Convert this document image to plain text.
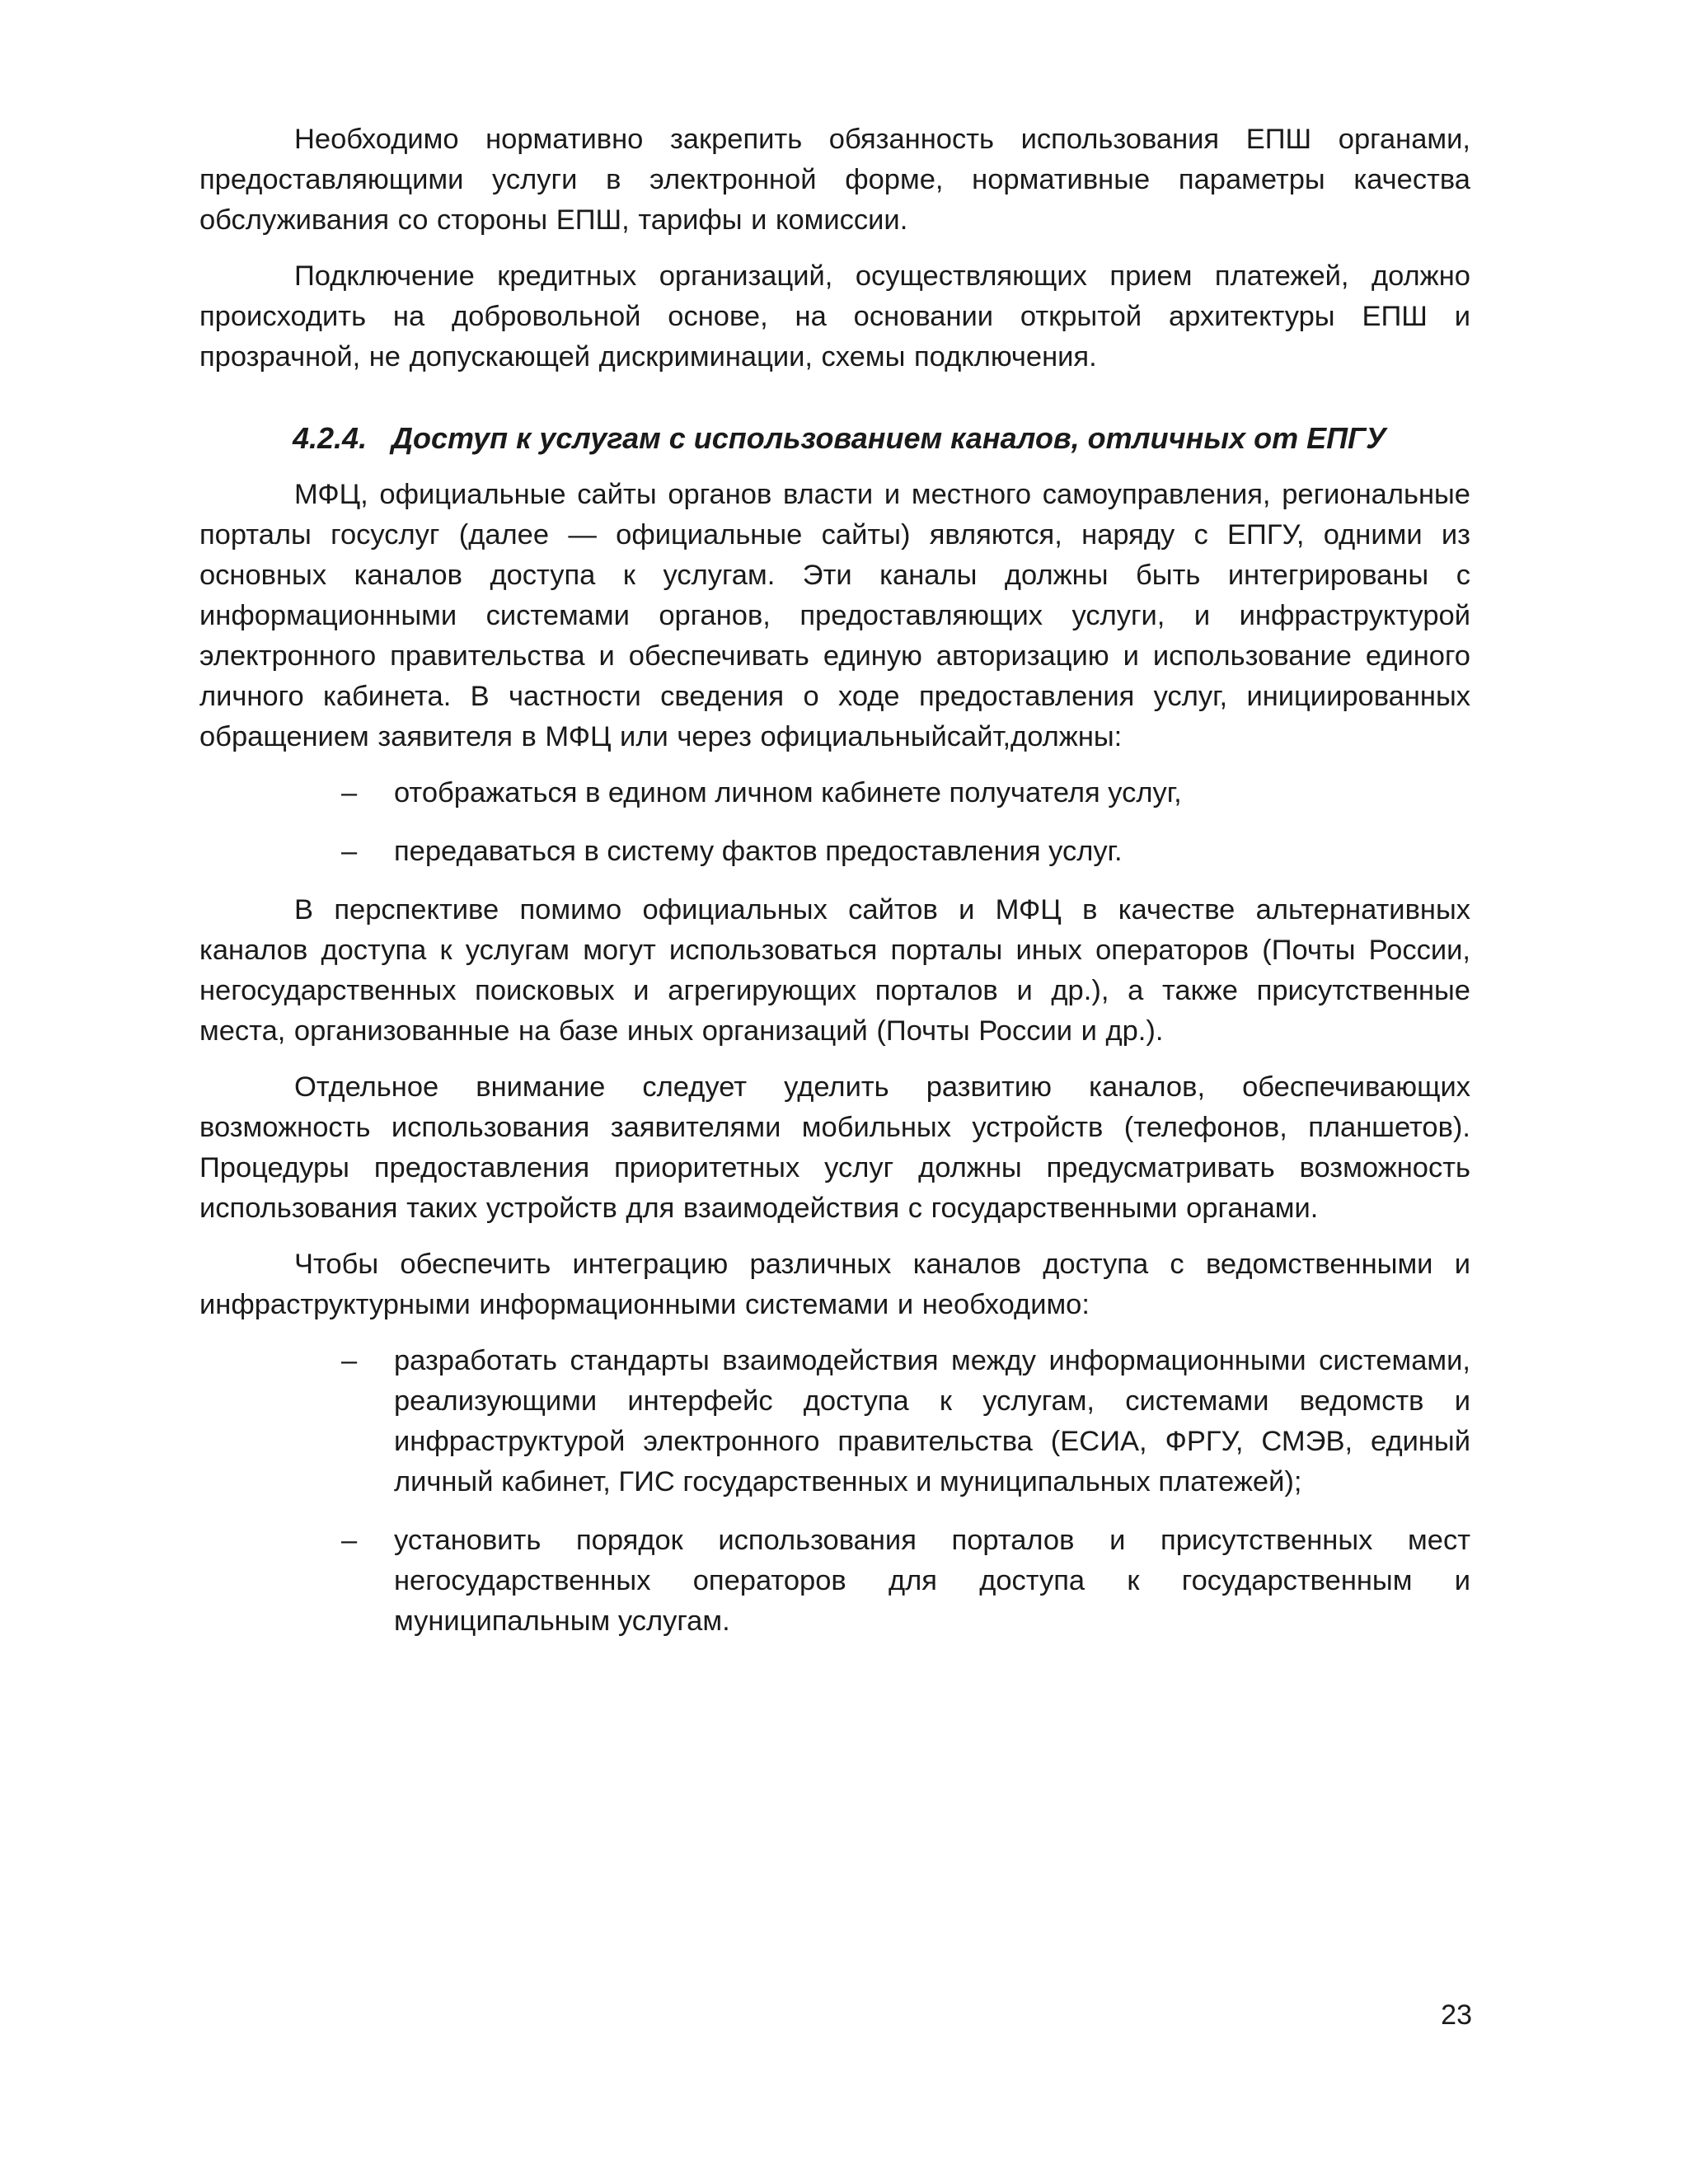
Необходимо нормативно закрепить обязанность использования ЕПШ органами, предоставляющими услуги в электронной форме, нормативные параметры качества обслуживания со стороны ЕПШ, тарифы и комиссии.

Подключение кредитных организаций, осуществляющих прием платежей, должно происходить на добровольной основе, на основании открытой архитектуры ЕПШ и прозрачной, не допускающей дискриминации, схемы подключения.

4.2.4. Доступ к услугам с использованием каналов, отличных от ЕПГУ

МФЦ, официальные сайты органов власти и местного самоуправления, региональные порталы госуслуг (далее — официальные сайты) являются, наряду с ЕПГУ, одними из основных каналов доступа к услугам. Эти каналы должны быть интегрированы с информационными системами органов, предоставляющих услуги, и инфраструктурой электронного правительства и обеспечивать единую авторизацию и использование единого личного кабинета. В частности сведения о ходе предоставления услуг, инициированных обращением заявителя в МФЦ или через официальныйсайт,должны:

– отображаться в едином личном кабинете получателя услуг,
– передаваться в систему фактов предоставления услуг.

В перспективе помимо официальных сайтов и МФЦ в качестве альтернативных каналов доступа к услугам могут использоваться порталы иных операторов (Почты России, негосударственных поисковых и агрегирующих порталов и др.), а также присутственные места, организованные на базе иных организаций (Почты России и др.).

Отдельное внимание следует уделить развитию каналов, обеспечивающих возможность использования заявителями мобильных устройств (телефонов, планшетов). Процедуры предоставления приоритетных услуг должны предусматривать возможность использования таких устройств для взаимодействия с государственными органами.

Чтобы обеспечить интеграцию различных каналов доступа с ведомственными и инфраструктурными информационными системами и необходимо:

– разработать стандарты взаимодействия между информационными системами, реализующими интерфейс доступа к услугам, системами ведомств и инфраструктурой электронного правительства (ЕСИА, ФРГУ, СМЭВ, единый личный кабинет, ГИС государственных и муниципальных платежей);
– установить порядок использования порталов и присутственных мест негосударственных операторов для доступа к государственным и муниципальным услугам.
23
